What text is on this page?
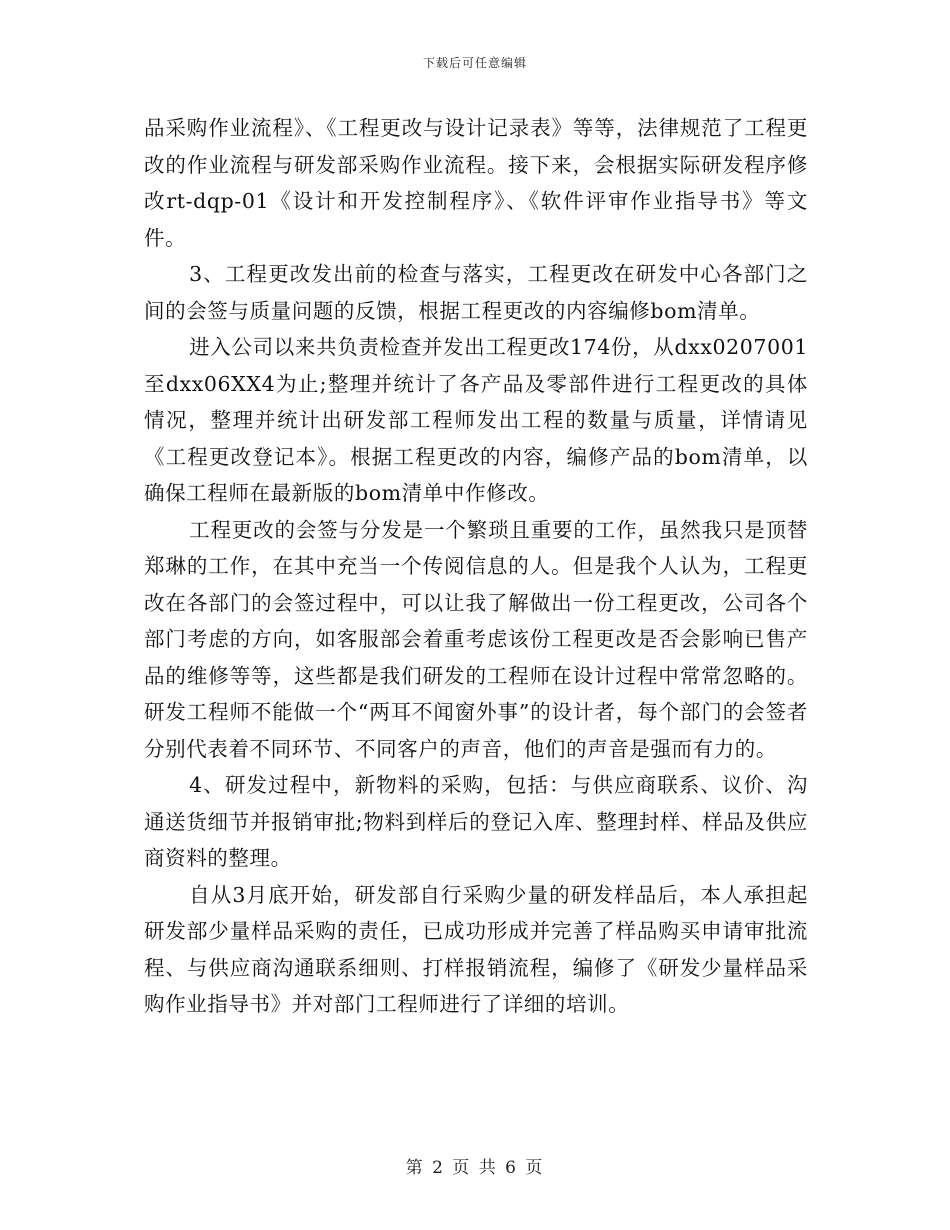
下载后可任意编辑

品采购作业流程》、《工程更改与设计记录表》等等，法律规范了工程更改的作业流程与研发部采购作业流程。接下来，会根据实际研发程序修改rt-dqp-01《设计和开发控制程序》、《软件评审作业指导书》等文件。

3、工程更改发出前的检查与落实，工程更改在研发中心各部门之间的会签与质量问题的反馈，根据工程更改的内容编修bom清单。

进入公司以来共负责检查并发出工程更改174份，从dxx0207001至dxx06XX4为止;整理并统计了各产品及零部件进行工程更改的具体情况，整理并统计出研发部工程师发出工程的数量与质量，详情请见《工程更改登记本》。根据工程更改的内容，编修产品的bom清单，以确保工程师在最新版的bom清单中作修改。

工程更改的会签与分发是一个繁琐且重要的工作，虽然我只是顶替郑琳的工作，在其中充当一个传阅信息的人。但是我个人认为，工程更改在各部门的会签过程中，可以让我了解做出一份工程更改，公司各个部门考虑的方向，如客服部会着重考虑该份工程更改是否会影响已售产品的维修等等，这些都是我们研发的工程师在设计过程中常常忽略的。研发工程师不能做一个“两耳不闻窗外事”的设计者，每个部门的会签者分别代表着不同环节、不同客户的声音，他们的声音是强而有力的。

4、研发过程中，新物料的采购，包括：与供应商联系、议价、沟通送货细节并报销审批;物料到样后的登记入库、整理封样、样品及供应商资料的整理。

自从3月底开始，研发部自行采购少量的研发样品后，本人承担起研发部少量样品采购的责任，已成功形成并完善了样品购买申请审批流程、与供应商沟通联系细则、打样报销流程，编修了《研发少量样品采购作业指导书》并对部门工程师进行了详细的培训。

第 2 页 共 6 页
